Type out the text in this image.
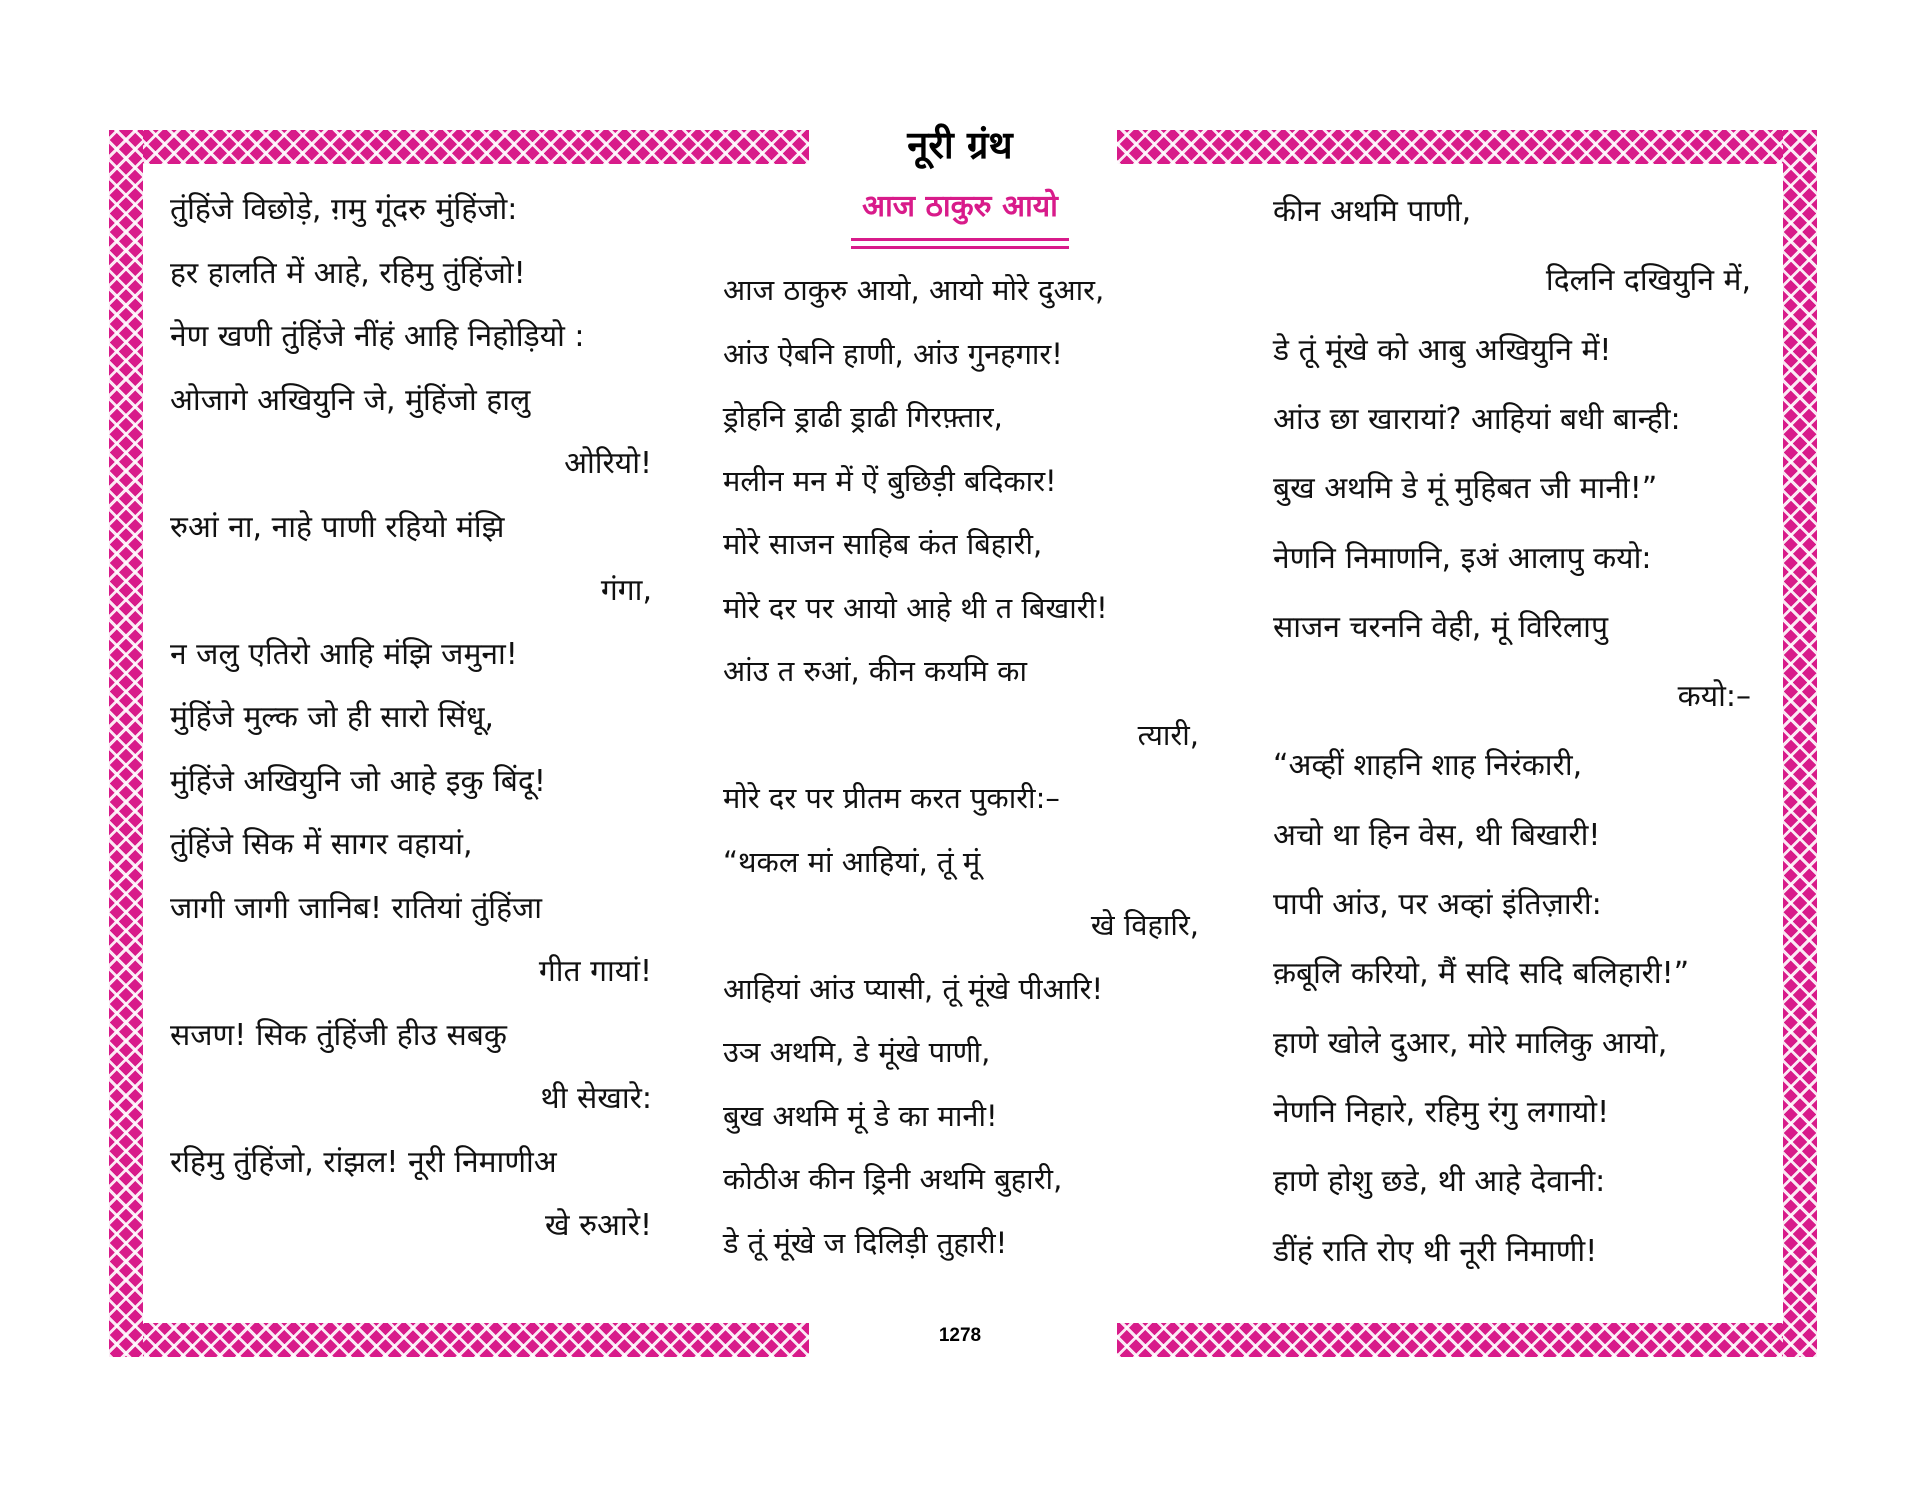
नूरी ग्रंथ
आज ठाकुरु आयो
तुंहिंजे विछोड़े, ग़मु गूंदरु मुंहिंजो:
हर हालति में आहे, रहिमु तुंहिंजो!
नेण खणी तुंहिंजे नींहं आहि निहोड़ियो :
ओजागे अखियुनि जे, मुंहिंजो हालु
ओरियो!
रुआं ना, नाहे पाणी रहियो मंझि
गंगा,
न जलु एतिरो आहि मंझि जमुना!
मुंहिंजे मुल्क जो ही सारो सिंधू,
मुंहिंजे अखियुनि जो आहे इकु बिंदू!
तुंहिंजे सिक में सागर वहायां,
जागी जागी जानिब! रातियां तुंहिंजा
गीत गायां!
सजण! सिक तुंहिंजी हीउ सबकु
थी सेखारे:
रहिमु तुंहिंजो, रांझल! नूरी निमाणीअ
खे रुआरे!
आज ठाकुरु आयो, आयो मोरे दुआर,
आंउ ऐबनि हाणी, आंउ गुनहगार!
ड्रोहनि ड्राढी ड्राढी गिरफ़्तार,
मलीन मन में ऐं बुछिड़ी बदिकार!
मोरे साजन साहिब कंत बिहारी,
मोरे दर पर आयो आहे थी त बिखारी!
आंउ त रुआं, कीन कयमि का
त्यारी,
मोरे दर पर प्रीतम करत पुकारी:–
“थकल मां आहियां, तूं मूं
खे विहारि,
आहियां आंउ प्यासी, तूं मूंखे पीआरि!
उञ अथमि, डे मूंखे पाणी,
बुख अथमि मूं डे का मानी!
कोठीअ कीन ड्रिनी अथमि बुहारी,
डे तूं मूंखे ज दिलिड़ी तुहारी!
कीन अथमि पाणी,
दिलनि दखियुनि में,
डे तूं मूंखे को आबु अखियुनि में!
आंउ छा खारायां? आहियां बधी बान्ही:
बुख अथमि डे मूं मुहिबत जी मानी!”
नेणनि निमाणनि, इअं आलापु कयो:
साजन चरननि वेही, मूं विरिलापु
कयो:–
“अव्हीं शाहनि शाह निरंकारी,
अचो था हिन वेस, थी बिखारी!
पापी आंउ, पर अव्हां इंतिज़ारी:
क़बूलि करियो, मैं सदि सदि बलिहारी!”
हाणे खोले दुआर, मोरे मालिकु आयो,
नेणनि निहारे, रहिमु रंगु लगायो!
हाणे होशु छडे, थी आहे देवानी:
डींहं राति रोए थी नूरी निमाणी!
1278
